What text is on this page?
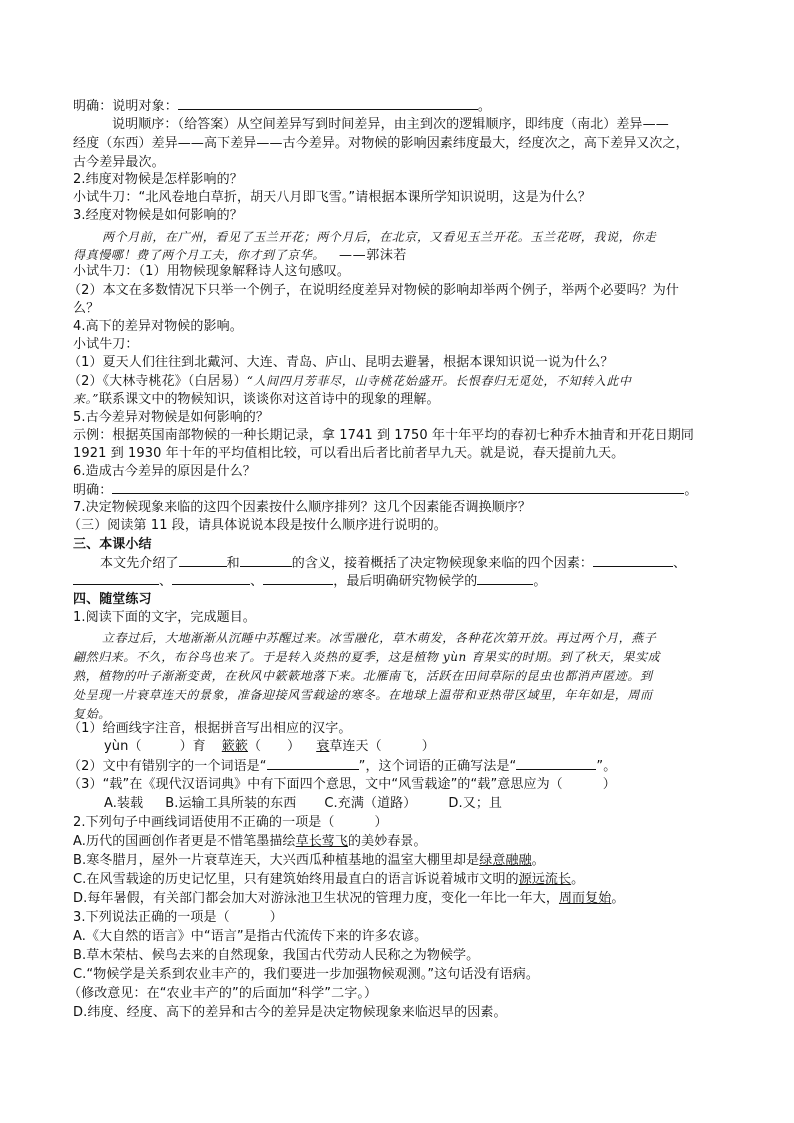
明确：说明对象：	。
说明顺序：（给答案）从空间差异写到时间差异，由主到次的逻辑顺序，即纬度（南北）差异——
经度（东西）差异——高下差异——古今差异。对物候的影响因素纬度最大，经度次之，高下差异又次之，
古今差异最次。
2.纬度对物候是怎样影响的？
小试牛刀：“北风卷地白草折，胡天八月即飞雪。”请根据本课所学知识说明，这是为什么？
3.经度对物候是如何影响的？
两个月前，在广州，看见了玉兰开花；两个月后，在北京，又看见玉兰开花。玉兰花呀，我说，你走
得真慢哪！费了两个月工夫，你才到了京华。 ——郭沫若
小试牛刀：（1）用物候现象解释诗人这句感叹。
（2）本文在多数情况下只举一个例子，在说明经度差异对物候的影响却举两个例子，举两个必要吗？为什
么？
4.高下的差异对物候的影响。
小试牛刀：
（1）夏天人们往往到北戴河、大连、青岛、庐山、昆明去避暑，根据本课知识说一说为什么？
（2）《大林寺桃花》（白居易）“人间四月芳菲尽，山寺桃花始盛开。长恨春归无觅处，不知转入此中
来。”联系课文中的物候知识，谈谈你对这首诗中的现象的理解。
5.古今差异对物候是如何影响的？
示例：根据英国南部物候的一种长期记录，拿 1741 到 1750 年十年平均的春初七种乔木抽青和开花日期同
1921 到 1930 年十年的平均值相比较，可以看出后者比前者早九天。就是说，春天提前九天。
6.造成古今差异的原因是什么？
明确：	。
7.决定物候现象来临的这四个因素按什么顺序排列？这几个因素能否调换顺序？
（三）阅读第 11 段，请具体说说本段是按什么顺序进行说明的。
三、本课小结
本文先介绍了	和	的含义，接着概括了决定物候现象来临的四个因素：	、
、	、	，最后明确研究物候学的	。
四、随堂练习
1.阅读下面的文字，完成题目。
立春过后，大地渐渐从沉睡中苏醒过来。冰雪融化，草木萌发，各种花次第开放。再过两个月，燕子
翩然归来。不久，布谷鸟也来了。于是转入炎热的夏季，这是植物 yùn 育果实的时期。到了秋天，果实成
熟，植物的叶子渐渐变黄，在秋风中簌簌地落下来。北雁南飞，活跃在田间草际的昆虫也都消声匿迹。到
处呈现一片衰草连天的景象，准备迎接风雪载途的寒冬。在地球上温带和亚热带区域里，年年如是，周而
复始。
（1）给画线字注音，根据拼音写出相应的汉字。
yùn（	）育 簌簌（ ） 衰草连天（	）
（2）文中有错别字的一个词语是“	”，这个词语的正确写法是“	”。
（3）“载”在《现代汉语词典》中有下面四个意思，文中“风雪载途”的“载”意思应为（	）
A.装载 B.运输工具所装的东西 C.充满（道路） D.又；且
2.下列句子中画线词语使用不正确的一项是（	）
A.历代的国画创作者更是不惜笔墨描绘草长莺飞的美妙春景。
B.寒冬腊月，屋外一片衰草连天，大兴西瓜种植基地的温室大棚里却是绿意融融。
C.在风雪载途的历史记忆里，只有建筑始终用最直白的语言诉说着城市文明的源远流长。
D.每年暑假，有关部门都会加大对游泳池卫生状况的管理力度，变化一年比一年大，周而复始。
3.下列说法正确的一项是（	）
A.《大自然的语言》中“语言”是指古代流传下来的许多农谚。
B.草木荣枯、候鸟去来的自然现象，我国古代劳动人民称之为物候学。
C.“物候学是关系到农业丰产的，我们要进一步加强物候观测。”这句话没有语病。
（修改意见：在“农业丰产的”的后面加“科学”二字。）
D.纬度、经度、高下的差异和古今的差异是决定物候现象来临迟早的因素。
